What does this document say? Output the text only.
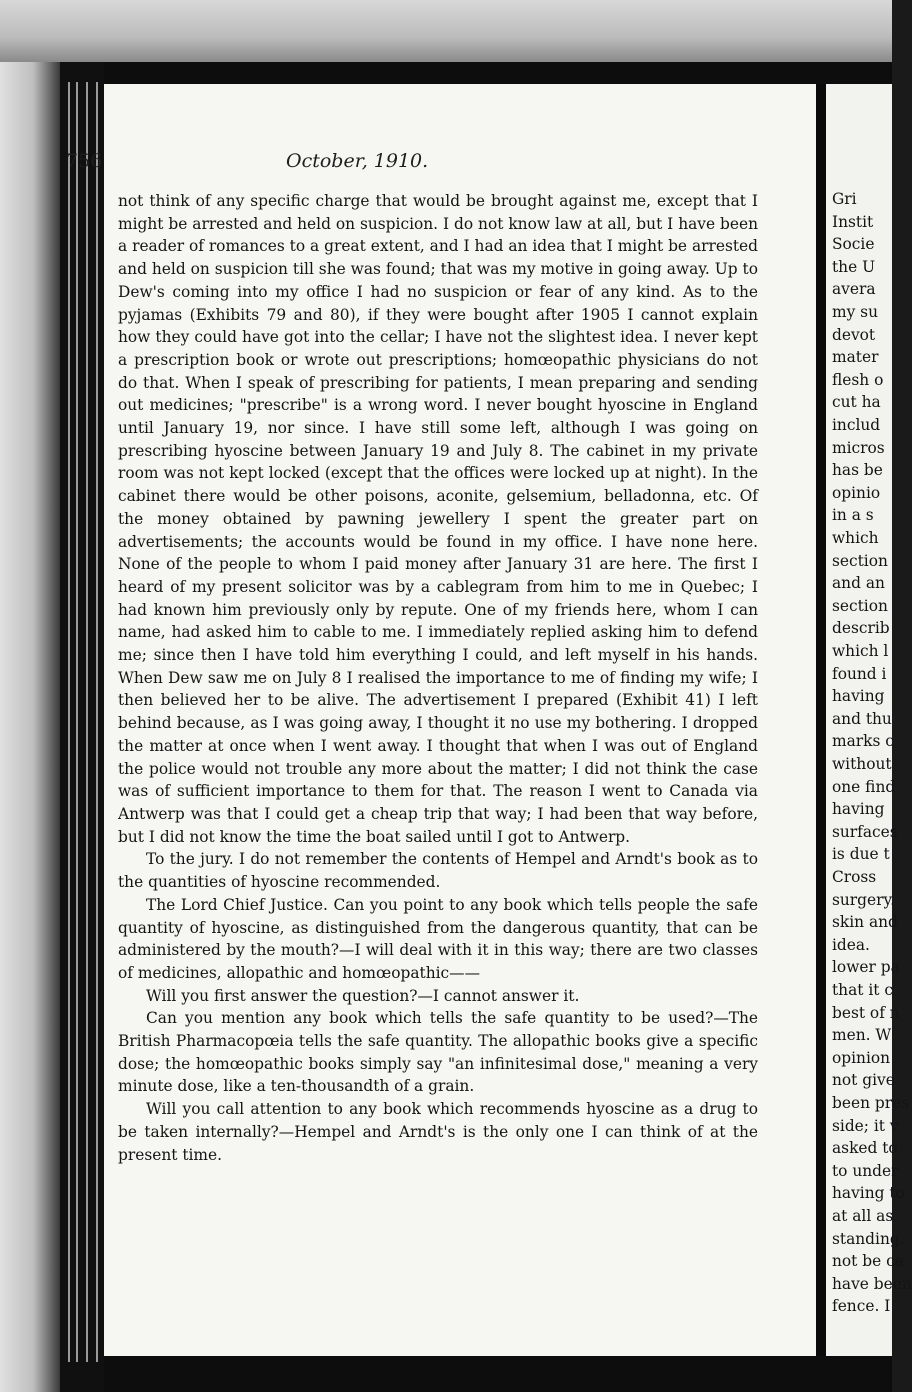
756	October, 1910.

not think of any specific charge that would be brought against me, except that I might be arrested and held on suspicion. I do not know law at all, but I have been a reader of romances to a great extent, and I had an idea that I might be arrested and held on suspicion till she was found; that was my motive in going away. Up to Dew's coming into my office I had no suspicion or fear of any kind. As to the pyjamas (Exhibits 79 and 80), if they were bought after 1905 I cannot explain how they could have got into the cellar; I have not the slightest idea. I never kept a prescription book or wrote out prescriptions; homœopathic physicians do not do that. When I speak of prescribing for patients, I mean preparing and sending out medicines; "prescribe" is a wrong word. I never bought hyoscine in England until January 19, nor since. I have still some left, although I was going on prescribing hyoscine between January 19 and July 8. The cabinet in my private room was not kept locked (except that the offices were locked up at night). In the cabinet there would be other poisons, aconite, gelsemium, belladonna, etc. Of the money obtained by pawning jewellery I spent the greater part on advertisements; the accounts would be found in my office. I have none here. None of the people to whom I paid money after January 31 are here. The first I heard of my present solicitor was by a cablegram from him to me in Quebec; I had known him previously only by repute. One of my friends here, whom I can name, had asked him to cable to me. I immediately replied asking him to defend me; since then I have told him everything I could, and left myself in his hands. When Dew saw me on July 8 I realised the importance to me of finding my wife; I then believed her to be alive. The advertisement I prepared (Exhibit 41) I left behind because, as I was going away, I thought it no use my bothering. I dropped the matter at once when I went away. I thought that when I was out of England the police would not trouble any more about the matter; I did not think the case was of sufficient importance to them for that. The reason I went to Canada via Antwerp was that I could get a cheap trip that way; I had been that way before, but I did not know the time the boat sailed until I got to Antwerp.

To the jury. I do not remember the contents of Hempel and Arndt's book as to the quantities of hyoscine recommended.

The Lord Chief Justice. Can you point to any book which tells people the safe quantity of hyoscine, as distinguished from the dangerous quantity, that can be administered by the mouth?—I will deal with it in this way; there are two classes of medicines, allopathic and homœopathic——

Will you first answer the question?—I cannot answer it.

Can you mention any book which tells the safe quantity to be used?—The British Pharmacopœia tells the safe quantity. The allopathic books give a specific dose; the homœopathic books simply say "an infinitesimal dose," meaning a very minute dose, like a ten-thousandth of a grain.

Will you call attention to any book which recommends hyoscine as a drug to be taken internally?—Hempel and Arndt's is the only one I can think of at the present time.

Gri
Instit
Socie
the U
avera
my su
devot
mater
flesh o
cut ha
includ
micros
has be
opinio
in a s
which
section
and an
section
describ
which l
found i
having
and thu
marks c
without
one find
having
surfaces
is due t
Cross
surgery.
skin and
idea.
lower pa
that it c
best of n
men. W
opinion
not give
been pres
side; it v
asked to
to under
having to
at all as
standing.
not be ca
have been
fence. I
